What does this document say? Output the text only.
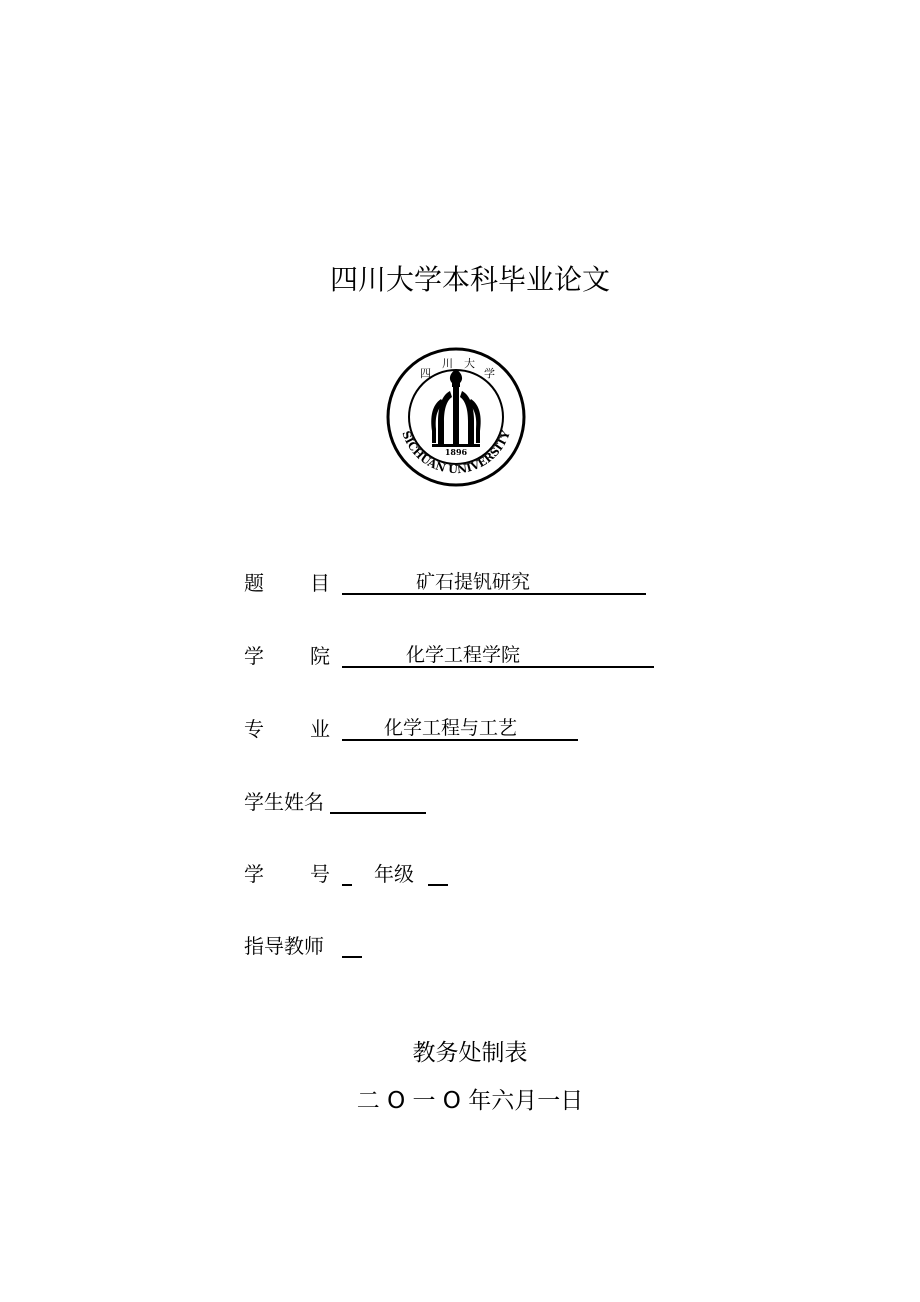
四川大学本科毕业论文
SICHUAN UNIVERSITY
1896
四
川 大
学
题 目	矿石提钒研究
学 院	化学工程学院
专 业	化学工程与工艺
学生姓名
学 号 年级
指导教师
教务处制表
二 O 一 O 年六月一日
